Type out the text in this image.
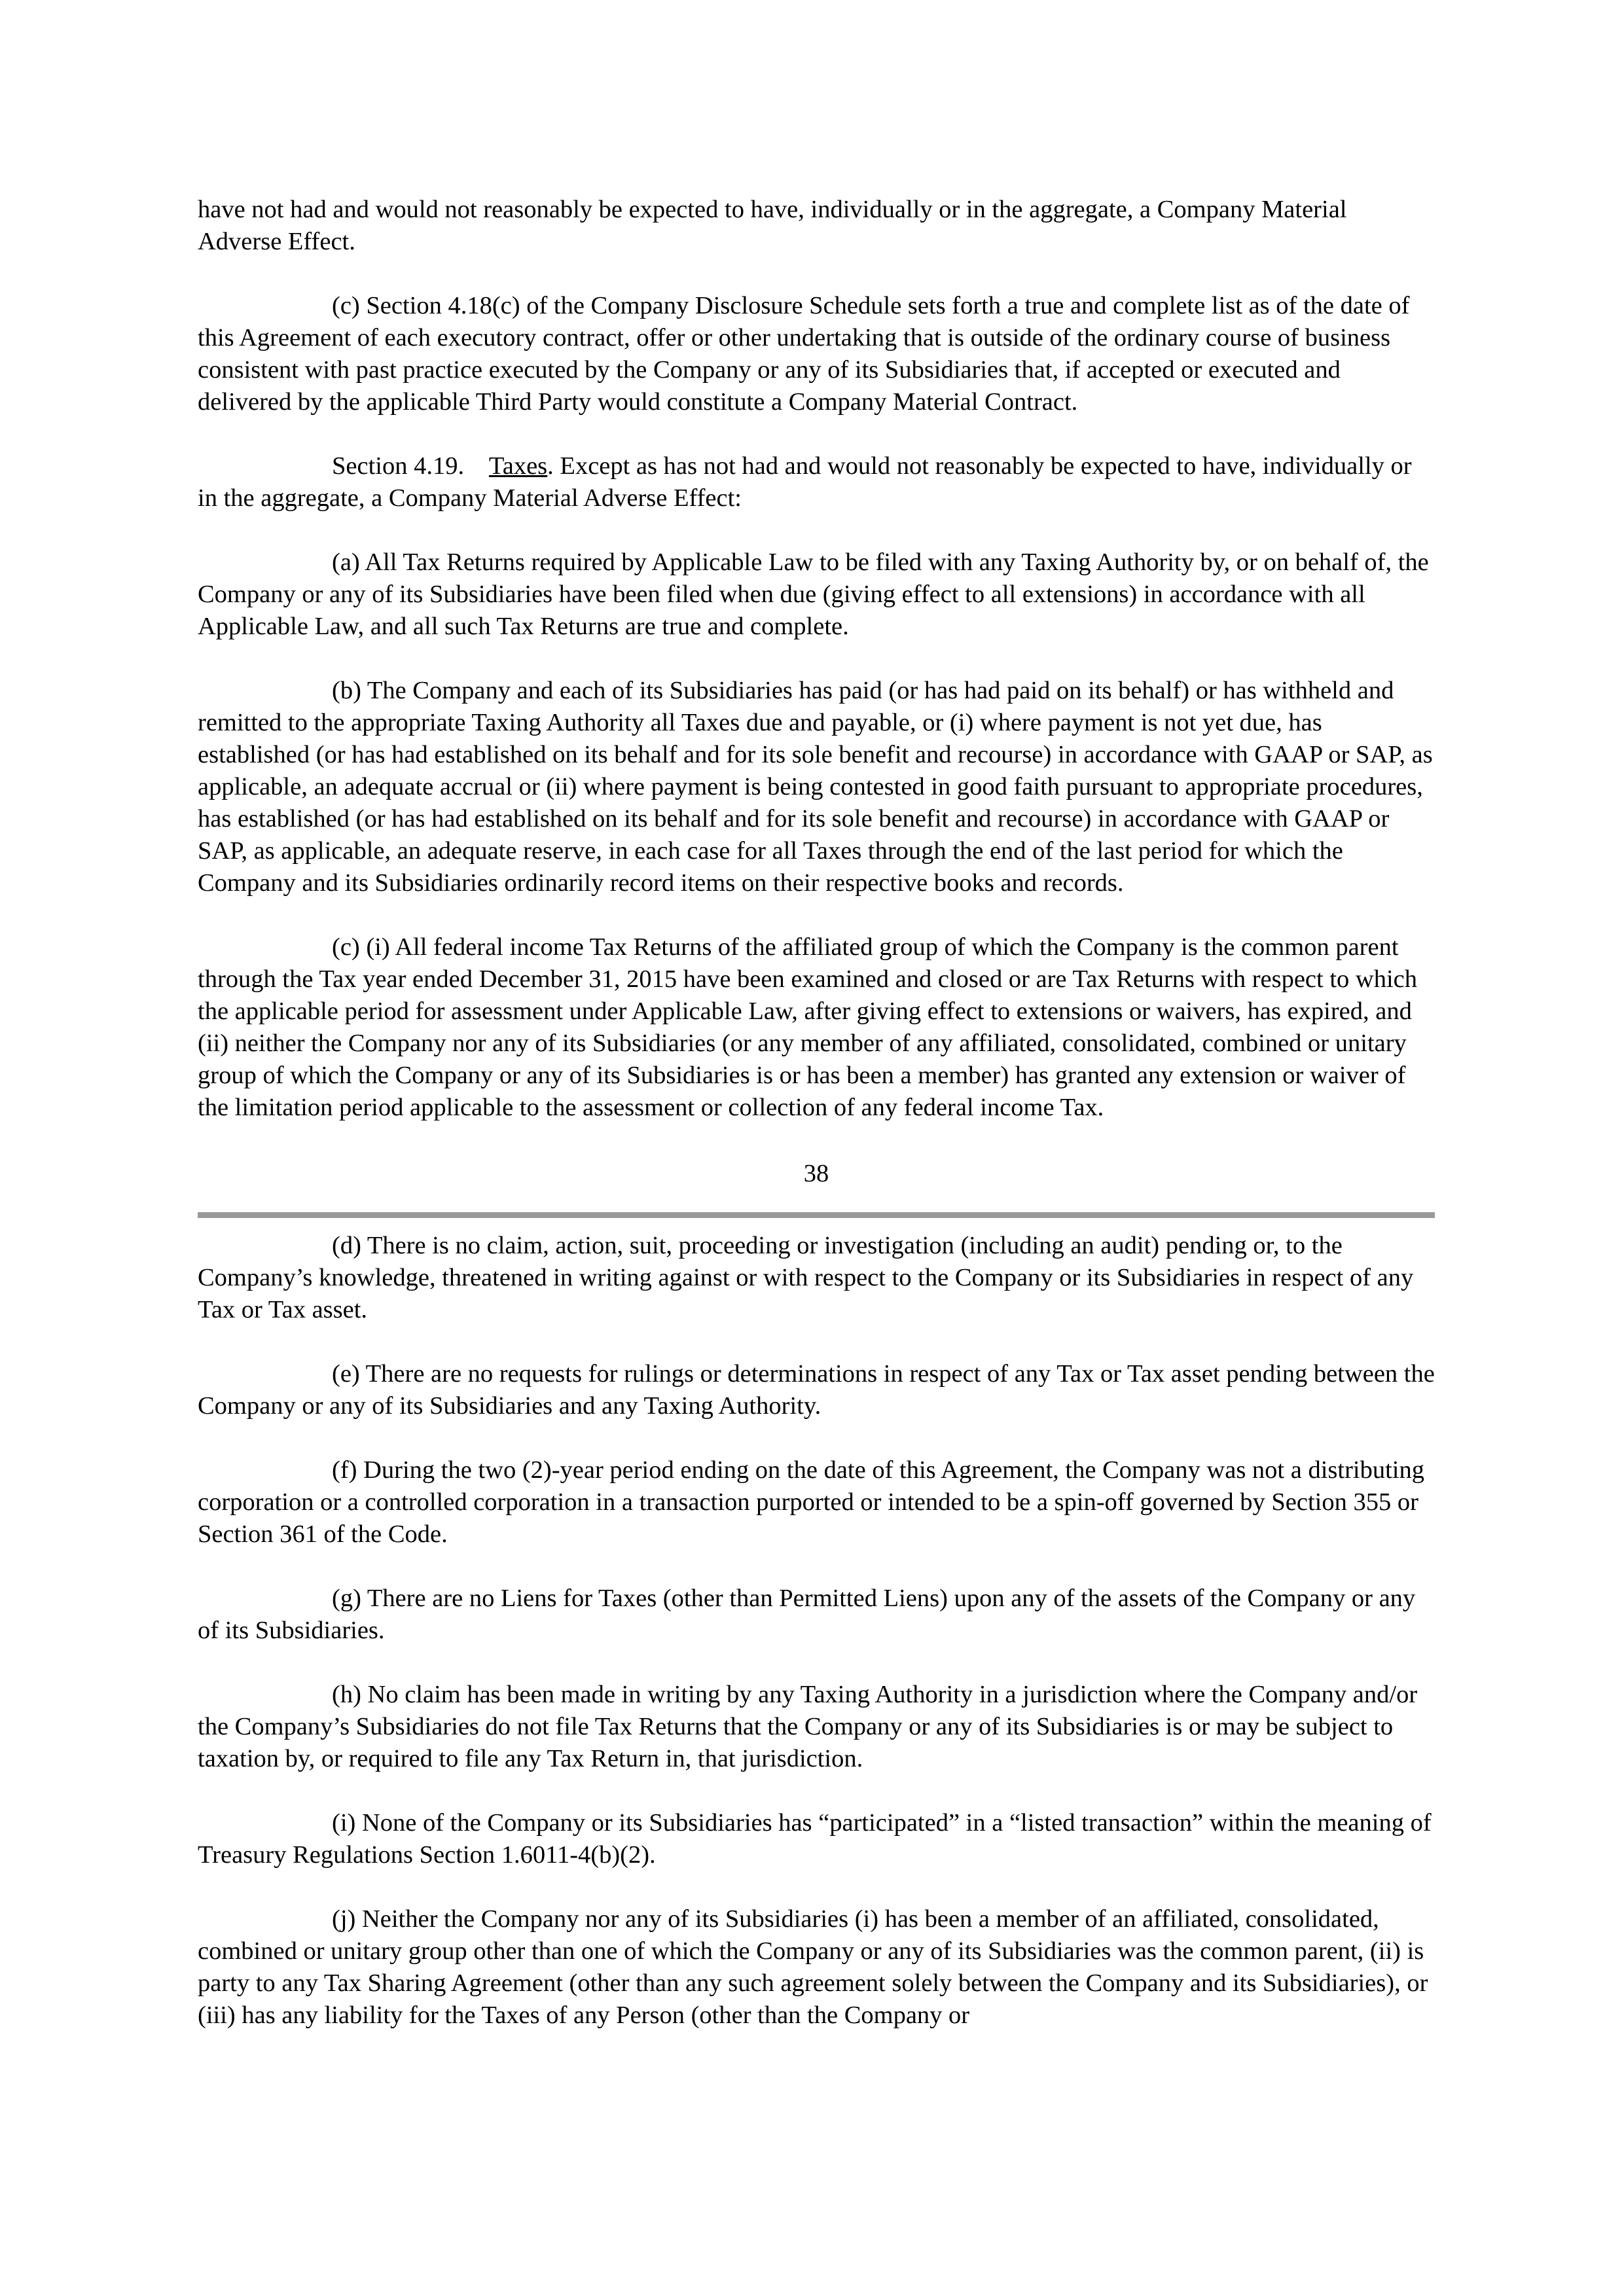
have not had and would not reasonably be expected to have, individually or in the aggregate, a Company Material Adverse Effect.

(c) Section 4.18(c) of the Company Disclosure Schedule sets forth a true and complete list as of the date of this Agreement of each executory contract, offer or other undertaking that is outside of the ordinary course of business consistent with past practice executed by the Company or any of its Subsidiaries that, if accepted or executed and delivered by the applicable Third Party would constitute a Company Material Contract.

Section 4.19.    Taxes. Except as has not had and would not reasonably be expected to have, individually or in the aggregate, a Company Material Adverse Effect:

(a) All Tax Returns required by Applicable Law to be filed with any Taxing Authority by, or on behalf of, the Company or any of its Subsidiaries have been filed when due (giving effect to all extensions) in accordance with all Applicable Law, and all such Tax Returns are true and complete.

(b) The Company and each of its Subsidiaries has paid (or has had paid on its behalf) or has withheld and remitted to the appropriate Taxing Authority all Taxes due and payable, or (i) where payment is not yet due, has established (or has had established on its behalf and for its sole benefit and recourse) in accordance with GAAP or SAP, as applicable, an adequate accrual or (ii) where payment is being contested in good faith pursuant to appropriate procedures, has established (or has had established on its behalf and for its sole benefit and recourse) in accordance with GAAP or SAP, as applicable, an adequate reserve, in each case for all Taxes through the end of the last period for which the Company and its Subsidiaries ordinarily record items on their respective books and records.

(c) (i) All federal income Tax Returns of the affiliated group of which the Company is the common parent through the Tax year ended December 31, 2015 have been examined and closed or are Tax Returns with respect to which the applicable period for assessment under Applicable Law, after giving effect to extensions or waivers, has expired, and (ii) neither the Company nor any of its Subsidiaries (or any member of any affiliated, consolidated, combined or unitary group of which the Company or any of its Subsidiaries is or has been a member) has granted any extension or waiver of the limitation period applicable to the assessment or collection of any federal income Tax.

38

(d) There is no claim, action, suit, proceeding or investigation (including an audit) pending or, to the Company’s knowledge, threatened in writing against or with respect to the Company or its Subsidiaries in respect of any Tax or Tax asset.

(e) There are no requests for rulings or determinations in respect of any Tax or Tax asset pending between the Company or any of its Subsidiaries and any Taxing Authority.

(f) During the two (2)-year period ending on the date of this Agreement, the Company was not a distributing corporation or a controlled corporation in a transaction purported or intended to be a spin-off governed by Section 355 or Section 361 of the Code.

(g) There are no Liens for Taxes (other than Permitted Liens) upon any of the assets of the Company or any of its Subsidiaries.

(h) No claim has been made in writing by any Taxing Authority in a jurisdiction where the Company and/or the Company’s Subsidiaries do not file Tax Returns that the Company or any of its Subsidiaries is or may be subject to taxation by, or required to file any Tax Return in, that jurisdiction.

(i) None of the Company or its Subsidiaries has “participated” in a “listed transaction” within the meaning of Treasury Regulations Section 1.6011-4(b)(2).

(j) Neither the Company nor any of its Subsidiaries (i) has been a member of an affiliated, consolidated, combined or unitary group other than one of which the Company or any of its Subsidiaries was the common parent, (ii) is party to any Tax Sharing Agreement (other than any such agreement solely between the Company and its Subsidiaries), or (iii) has any liability for the Taxes of any Person (other than the Company or
